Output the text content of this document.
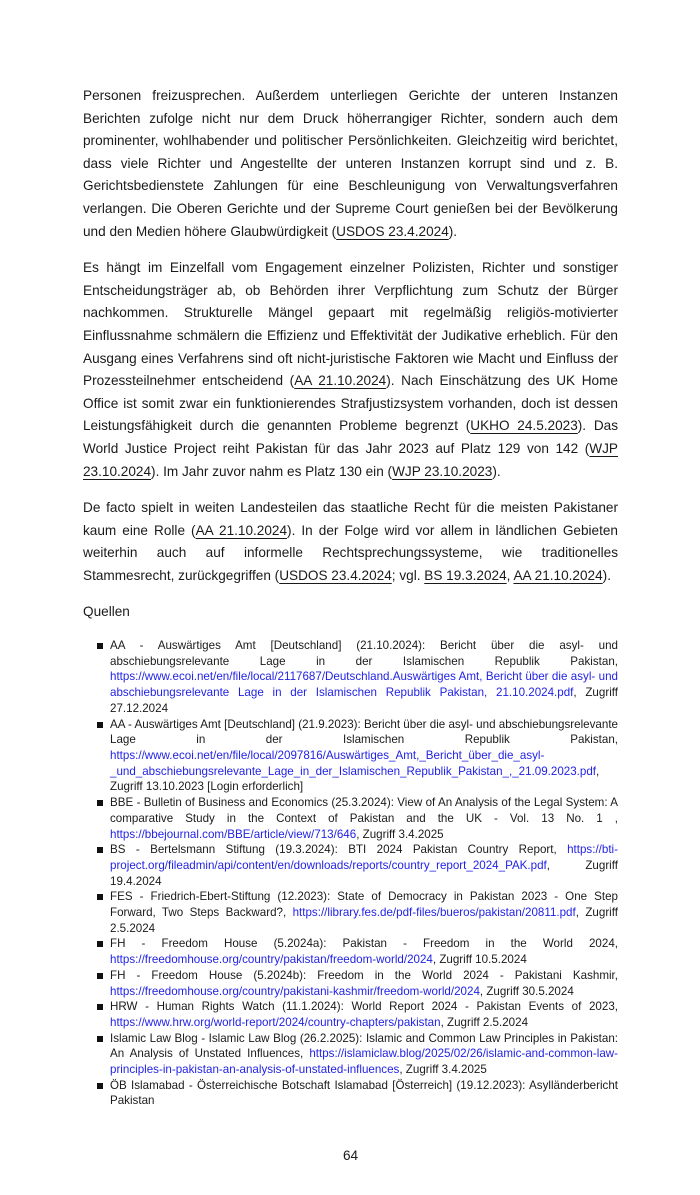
Personen freizusprechen. Außerdem unterliegen Gerichte der unteren Instanzen Berichten zufolge nicht nur dem Druck höherrangiger Richter, sondern auch dem prominenter, wohlhabender und politischer Persönlichkeiten. Gleichzeitig wird berichtet, dass viele Richter und Angestellte der unteren Instanzen korrupt sind und z. B. Gerichtsbedienstete Zahlungen für eine Beschleunigung von Verwaltungsverfahren verlangen. Die Oberen Gerichte und der Supreme Court genießen bei der Bevölkerung und den Medien höhere Glaubwürdigkeit (USDOS 23.4.2024).

Es hängt im Einzelfall vom Engagement einzelner Polizisten, Richter und sonstiger Entscheidungsträger ab, ob Behörden ihrer Verpflichtung zum Schutz der Bürger nachkommen. Strukturelle Mängel gepaart mit regelmäßig religiös-motivierter Einflussnahme schmälern die Effizienz und Effektivität der Judikative erheblich. Für den Ausgang eines Verfahrens sind oft nicht-juristische Faktoren wie Macht und Einfluss der Prozessteilnehmer entscheidend (AA 21.10.2024). Nach Einschätzung des UK Home Office ist somit zwar ein funktionierendes Strafjustizsystem vorhanden, doch ist dessen Leistungsfähigkeit durch die genannten Probleme begrenzt (UKHO 24.5.2023). Das World Justice Project reiht Pakistan für das Jahr 2023 auf Platz 129 von 142 (WJP 23.10.2024). Im Jahr zuvor nahm es Platz 130 ein (WJP 23.10.2023).

De facto spielt in weiten Landesteilen das staatliche Recht für die meisten Pakistaner kaum eine Rolle (AA 21.10.2024). In der Folge wird vor allem in ländlichen Gebieten weiterhin auch auf informelle Rechtsprechungssysteme, wie traditionelles Stammesrecht, zurückgegriffen (USDOS 23.4.2024; vgl. BS 19.3.2024, AA 21.10.2024).

Quellen
AA - Auswärtiges Amt [Deutschland] (21.10.2024): Bericht über die asyl- und abschiebungsrelevante Lage in der Islamischen Republik Pakistan, https://www.ecoi.net/en/file/local/2117687/Deutschland.Auswärtiges Amt, Bericht über die asyl- und abschiebungsrelevante Lage in der Islamischen Republik Pakistan, 21.10.2024.pdf, Zugriff 27.12.2024
AA - Auswärtiges Amt [Deutschland] (21.9.2023): Bericht über die asyl- und abschiebungsrelevante Lage in der Islamischen Republik Pakistan, https://www.ecoi.net/en/file/local/2097816/Auswärtiges_Amt,_Bericht_über_die_asyl-_und_abschiebungsrelevante_Lage_in_der_Islamischen_Republik_Pakistan_,_21.09.2023.pdf, Zugriff 13.10.2023 [Login erforderlich]
BBE - Bulletin of Business and Economics (25.3.2024): View of An Analysis of the Legal System: A comparative Study in the Context of Pakistan and the UK - Vol. 13 No. 1 , https://bbejournal.com/BBE/article/view/713/646, Zugriff 3.4.2025
BS - Bertelsmann Stiftung (19.3.2024): BTI 2024 Pakistan Country Report, https://bti-project.org/fileadmin/api/content/en/downloads/reports/country_report_2024_PAK.pdf, Zugriff 19.4.2024
FES - Friedrich-Ebert-Stiftung (12.2023): State of Democracy in Pakistan 2023 - One Step Forward, Two Steps Backward?, https://library.fes.de/pdf-files/bueros/pakistan/20811.pdf, Zugriff 2.5.2024
FH - Freedom House (5.2024a): Pakistan - Freedom in the World 2024, https://freedomhouse.org/country/pakistan/freedom-world/2024, Zugriff 10.5.2024
FH - Freedom House (5.2024b): Freedom in the World 2024 - Pakistani Kashmir, https://freedomhouse.org/country/pakistani-kashmir/freedom-world/2024, Zugriff 30.5.2024
HRW - Human Rights Watch (11.1.2024): World Report 2024 - Pakistan Events of 2023, https://www.hrw.org/world-report/2024/country-chapters/pakistan, Zugriff 2.5.2024
Islamic Law Blog - Islamic Law Blog (26.2.2025): Islamic and Common Law Principles in Pakistan: An Analysis of Unstated Influences, https://islamiclaw.blog/2025/02/26/islamic-and-common-law-principles-in-pakistan-an-analysis-of-unstated-influences, Zugriff 3.4.2025
ÖB Islamabad - Österreichische Botschaft Islamabad [Österreich] (19.12.2023): Asylländerbericht Pakistan
64
